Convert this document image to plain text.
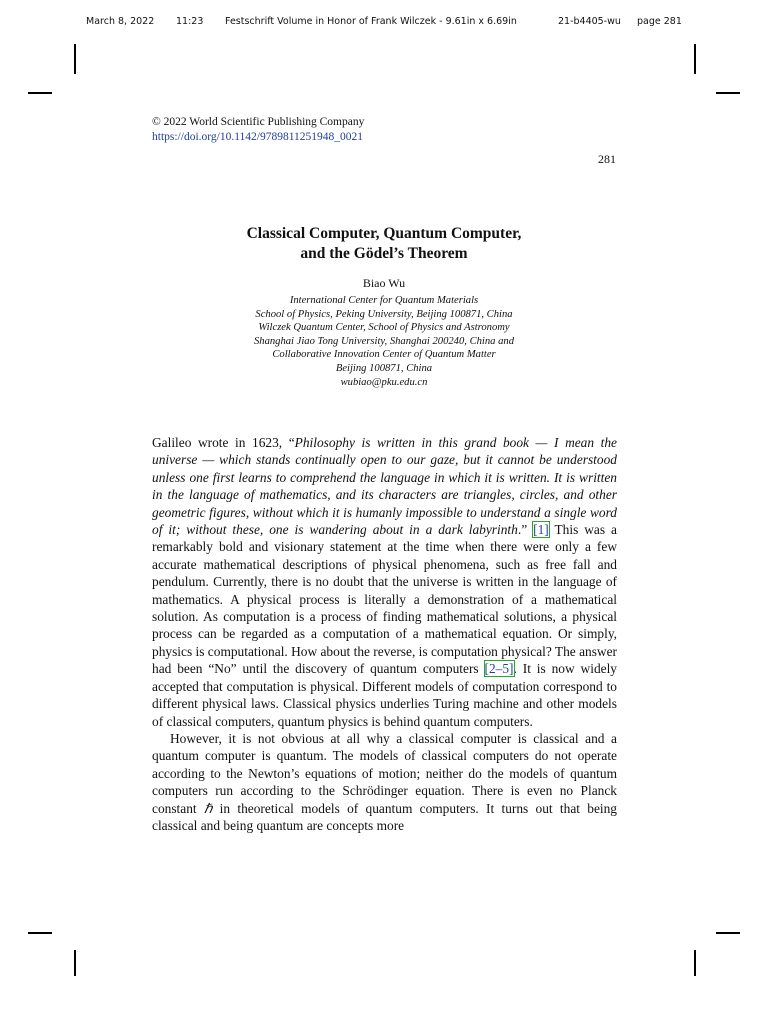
March 8, 2022 11:23 Festschrift Volume in Honor of Frank Wilczek - 9.61in x 6.69in	21-b4405-wu page 281
© 2022 World Scientific Publishing Company
https://doi.org/10.1142/9789811251948_0021
281
Classical Computer, Quantum Computer,
and the Gödel’s Theorem
Biao Wu
International Center for Quantum Materials
School of Physics, Peking University, Beijing 100871, China
Wilczek Quantum Center, School of Physics and Astronomy
Shanghai Jiao Tong University, Shanghai 200240, China and
Collaborative Innovation Center of Quantum Matter
Beijing 100871, China
wubiao@pku.edu.cn

Galileo wrote in 1623, “Philosophy is written in this grand book — I mean the universe — which stands continually open to our gaze, but it cannot be understood unless one first learns to comprehend the language in which it is written. It is written in the language of mathematics, and its characters are triangles, circles, and other geometric figures, without which it is humanly impossible to understand a single word of it; without these, one is wandering about in a dark labyrinth.” [1] This was a remarkably bold and visionary statement at the time when there were only a few accurate mathematical descriptions of physical phenomena, such as free fall and pendulum. Currently, there is no doubt that the universe is written in the language of mathematics. A physical process is literally a demonstration of a mathematical solution. As computation is a process of finding mathematical solutions, a physical process can be regarded as a computation of a mathematical equation. Or simply, physics is computational. How about the reverse, is computation physical? The answer had been “No” until the discovery of quantum computers [2–5]. It is now widely accepted that computation is physical. Different models of computation correspond to different physical laws. Classical physics underlies Turing machine and other models of classical computers, quantum physics is behind quantum computers.

However, it is not obvious at all why a classical computer is classical and a quantum computer is quantum. The models of classical computers do not operate according to the Newton’s equations of motion; neither do the models of quantum computers run according to the Schrödinger equation. There is even no Planck constant ℏ in theoretical models of quantum computers. It turns out that being classical and being quantum are concepts more
